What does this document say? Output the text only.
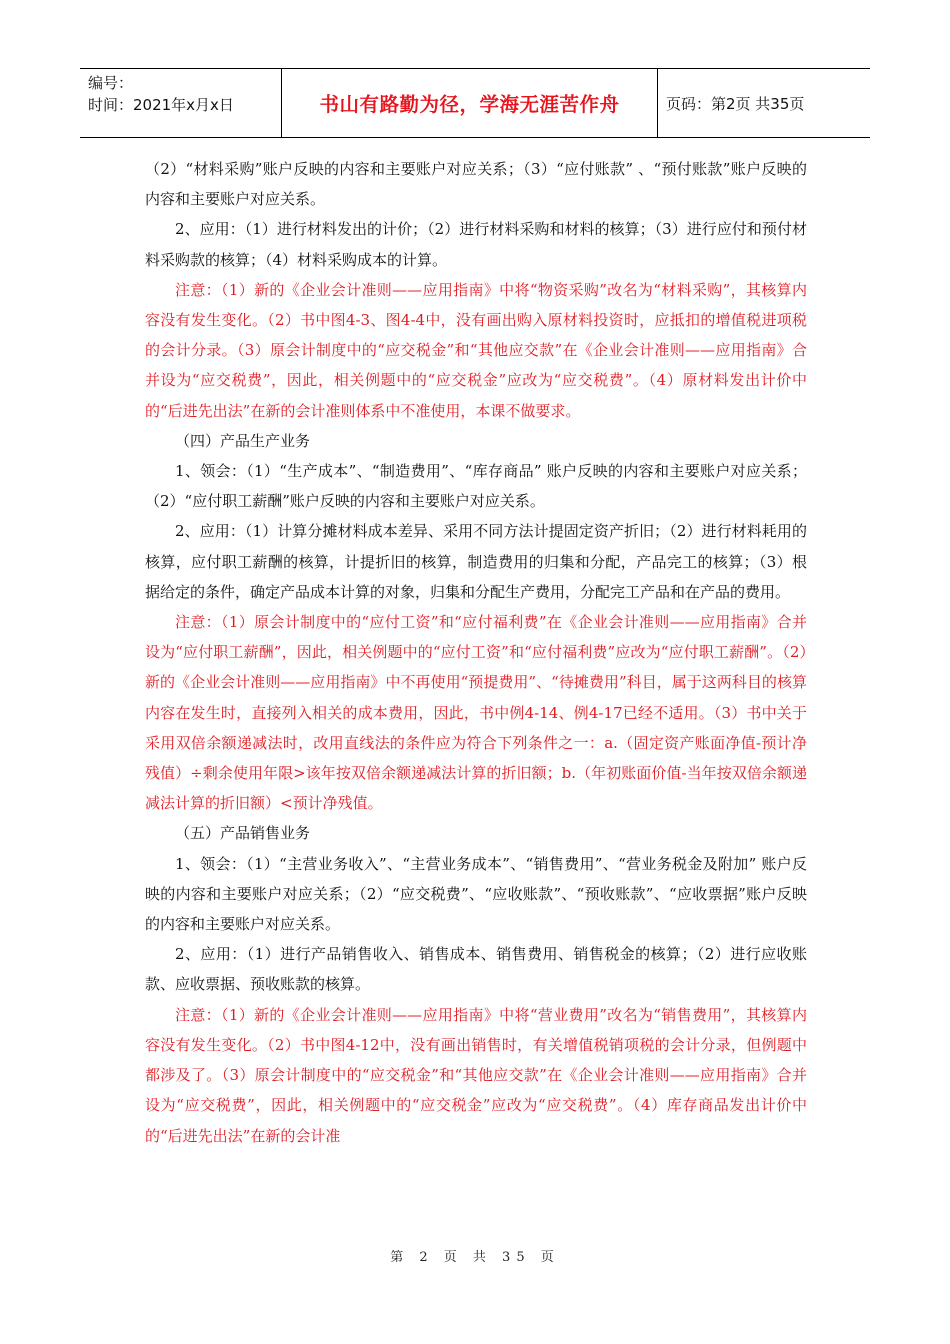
编号：
时间：2021年x月x日	书山有路勤为径，学海无涯苦作舟	页码：第2页 共35页

（2）“材料采购”账户反映的内容和主要账户对应关系；（3）“应付账款” 、“预付账款”账户反映的内容和主要账户对应关系。

2、应用：（1）进行材料发出的计价；（2）进行材料采购和材料的核算；（3）进行应付和预付材料采购款的核算；（4）材料采购成本的计算。

注意：（1）新的《企业会计准则——应用指南》中将“物资采购”改名为“材料采购”，其核算内容没有发生变化。（2）书中图4-3、图4-4中，没有画出购入原材料投资时，应抵扣的增值税进项税的会计分录。（3）原会计制度中的“应交税金”和“其他应交款”在《企业会计准则——应用指南》合并设为“应交税费”，因此，相关例题中的“应交税金”应改为“应交税费”。（4）原材料发出计价中的“后进先出法”在新的会计准则体系中不准使用，本课不做要求。

（四）产品生产业务

1、领会：（1）“生产成本”、“制造费用”、“库存商品” 账户反映的内容和主要账户对应关系；（2）“应付职工薪酬”账户反映的内容和主要账户对应关系。

2、应用：（1）计算分摊材料成本差异、采用不同方法计提固定资产折旧；（2）进行材料耗用的核算，应付职工薪酬的核算，计提折旧的核算，制造费用的归集和分配，产品完工的核算；（3）根据给定的条件，确定产品成本计算的对象，归集和分配生产费用，分配完工产品和在产品的费用。

注意：（1）原会计制度中的“应付工资”和“应付福利费”在《企业会计准则——应用指南》合并设为“应付职工薪酬”，因此，相关例题中的“应付工资”和“应付福利费”应改为“应付职工薪酬”。（2）新的《企业会计准则——应用指南》中不再使用“预提费用”、“待摊费用”科目，属于这两科目的核算内容在发生时，直接列入相关的成本费用，因此，书中例4-14、例4-17已经不适用。（3）书中关于采用双倍余额递减法时，改用直线法的条件应为符合下列条件之一：a.（固定资产账面净值-预计净残值）÷剩余使用年限>该年按双倍余额递减法计算的折旧额；b.（年初账面价值-当年按双倍余额递减法计算的折旧额）<预计净残值。

（五）产品销售业务

1、领会：（1）“主营业务收入”、“主营业务成本”、“销售费用”、“营业务税金及附加” 账户反映的内容和主要账户对应关系；（2）“应交税费”、“应收账款”、“预收账款”、“应收票据”账户反映的内容和主要账户对应关系。

2、应用：（1）进行产品销售收入、销售成本、销售费用、销售税金的核算；（2）进行应收账款、应收票据、预收账款的核算。

注意：（1）新的《企业会计准则——应用指南》中将“营业费用”改名为“销售费用”，其核算内容没有发生变化。（2）书中图4-12中，没有画出销售时，有关增值税销项税的会计分录，但例题中都涉及了。（3）原会计制度中的“应交税金”和“其他应交款”在《企业会计准则——应用指南》合并设为“应交税费”，因此，相关例题中的“应交税金”应改为“应交税费”。（4）库存商品发出计价中的“后进先出法”在新的会计准

第 2 页 共 35 页
